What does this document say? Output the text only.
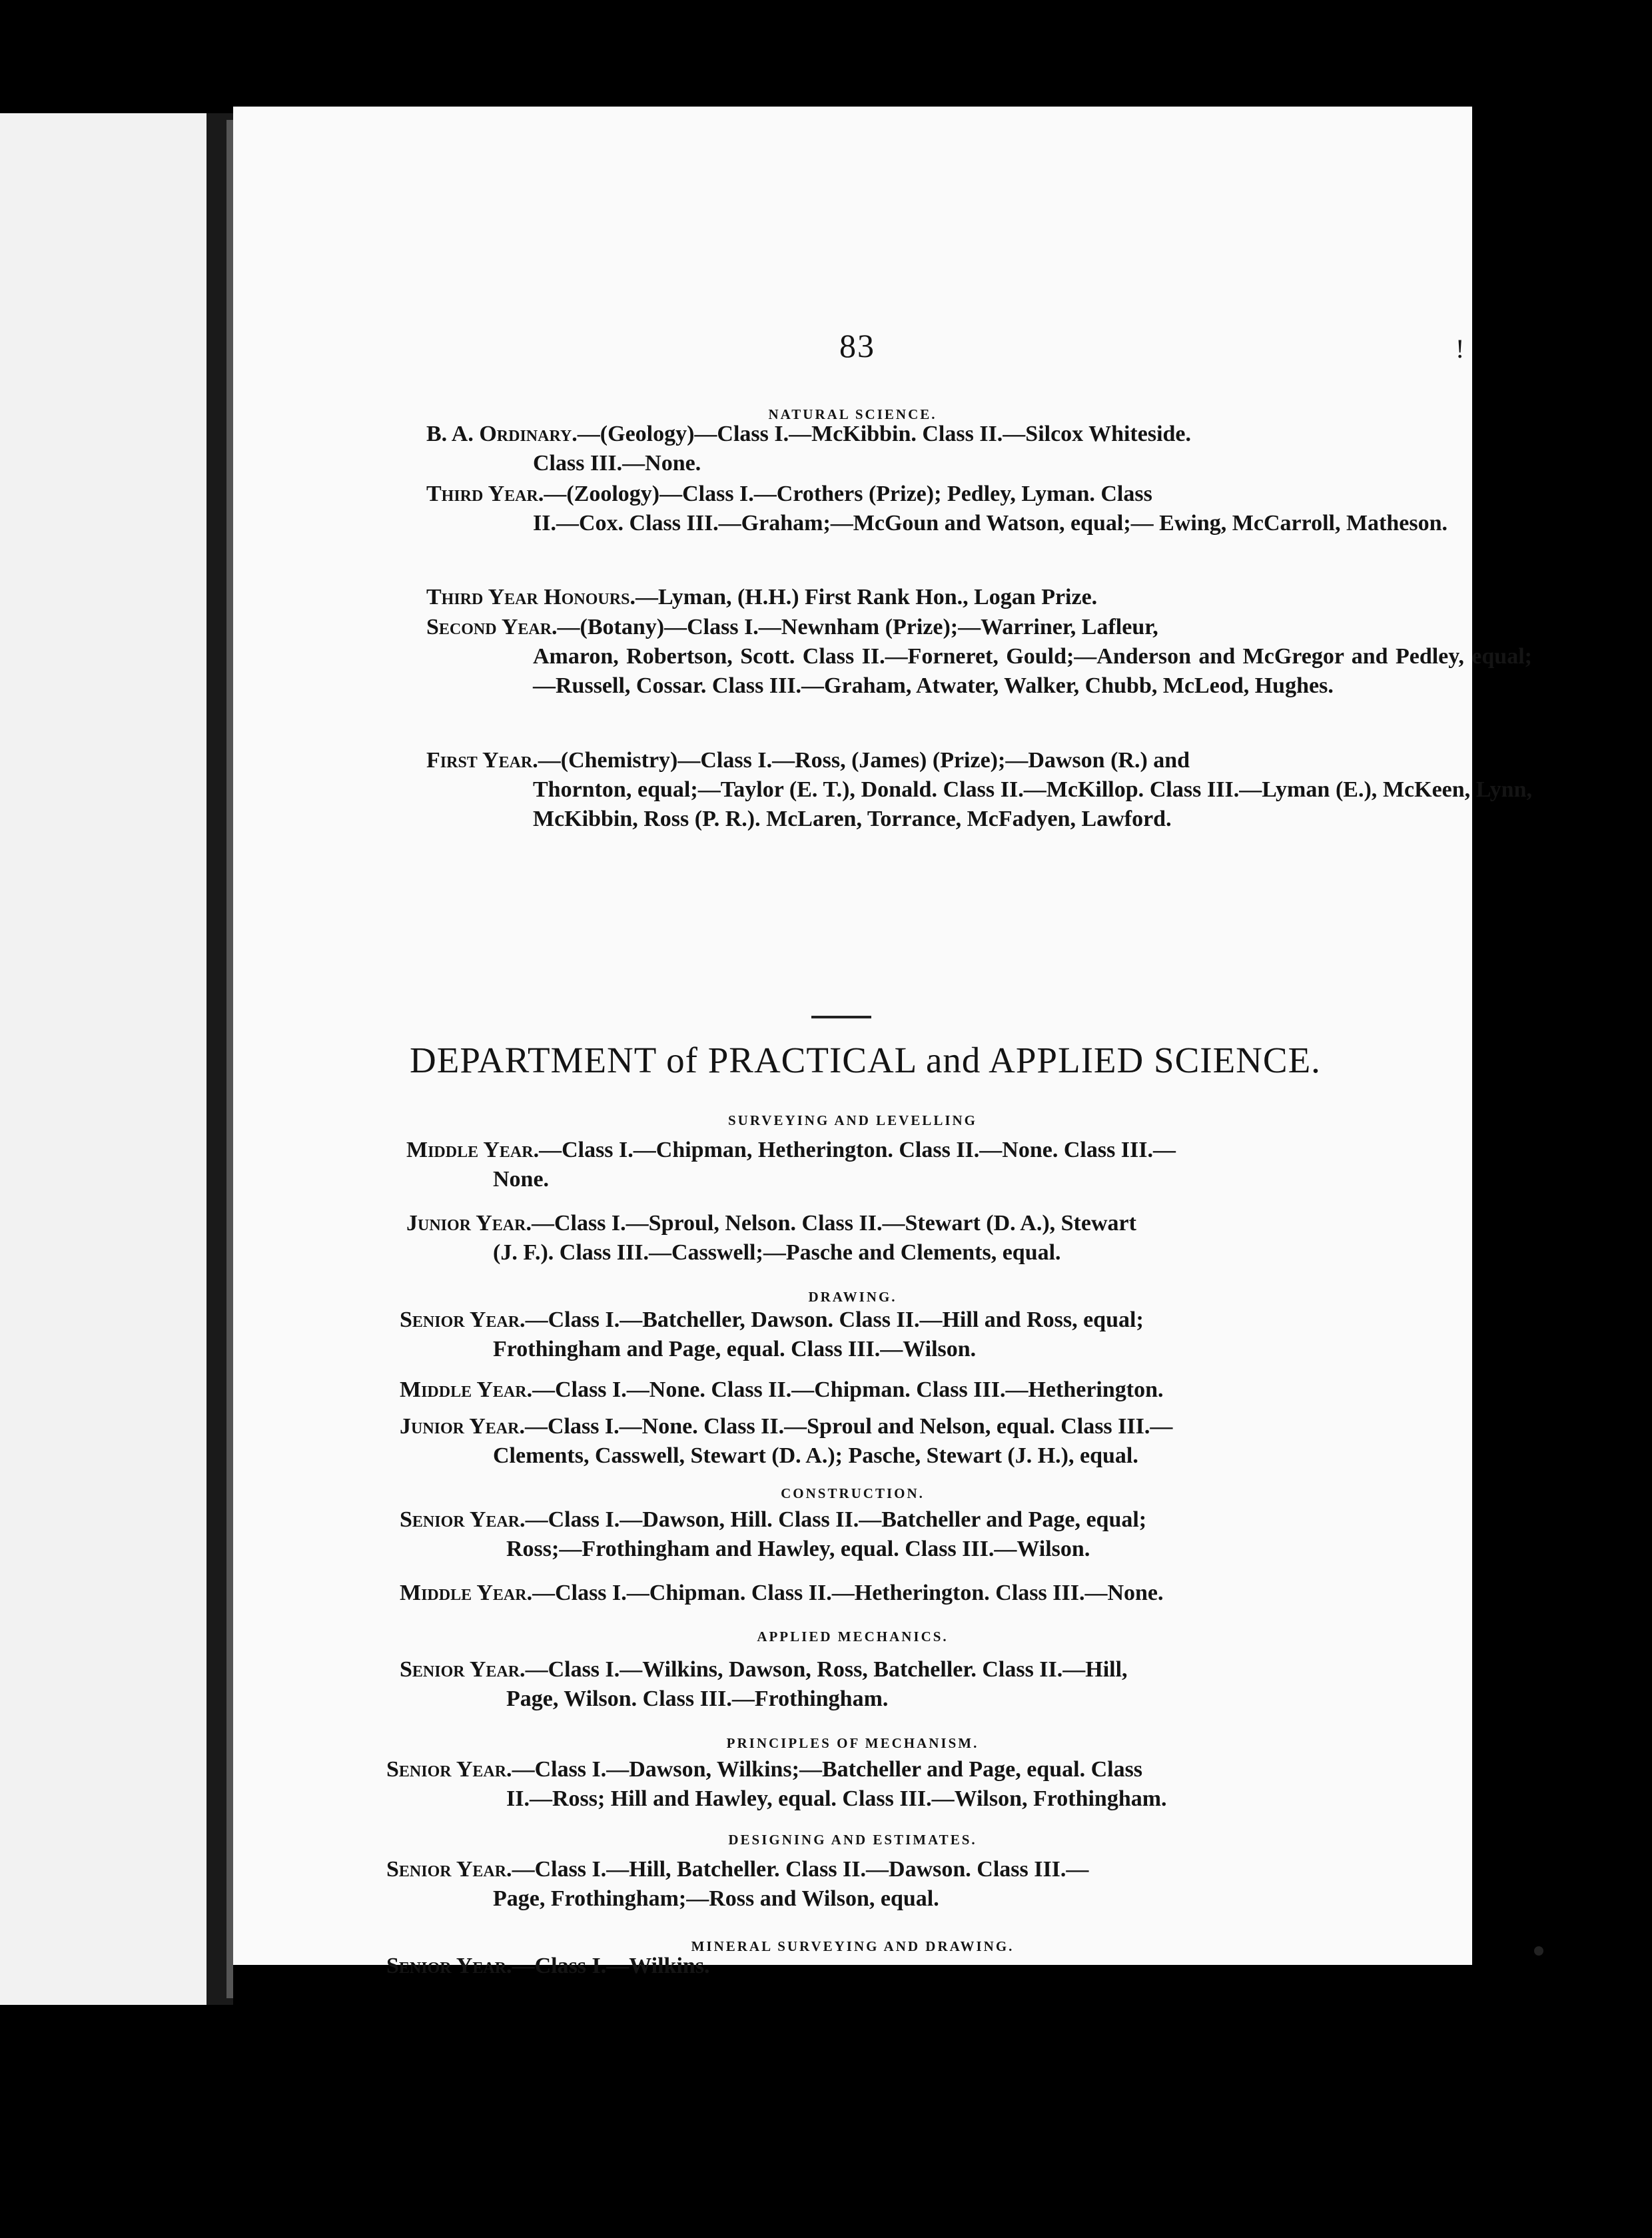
83	!
NATURAL SCIENCE.
B. A. Ordinary.—(Geology)—Class I.—McKibbin. Class II.—Silcox Whiteside.
Class III.—None.
Third Year.—(Zoology)—Class I.—Crothers (Prize); Pedley, Lyman. Class
II.—Cox. Class III.—Graham;—McGoun and Watson, equal;— Ewing, McCarroll, Matheson.
Third Year Honours.—Lyman, (H.H.) First Rank Hon., Logan Prize.
Second Year.—(Botany)—Class I.—Newnham (Prize);—Warriner, Lafleur,
Amaron, Robertson, Scott. Class II.—Forneret, Gould;—Anderson and McGregor and Pedley, equal;—Russell, Cossar. Class III.—Graham, Atwater, Walker, Chubb, McLeod, Hughes.
First Year.—(Chemistry)—Class I.—Ross, (James) (Prize);—Dawson (R.) and
Thornton, equal;—Taylor (E. T.), Donald. Class II.—McKillop. Class III.—Lyman (E.), McKeen, Lynn, McKibbin, Ross (P. R.). McLaren, Torrance, McFadyen, Lawford.
DEPARTMENT of PRACTICAL and APPLIED SCIENCE.
SURVEYING AND LEVELLING
Middle Year.—Class I.—Chipman, Hetherington. Class II.—None. Class III.—
None.
Junior Year.—Class I.—Sproul, Nelson. Class II.—Stewart (D. A.), Stewart
(J. F.). Class III.—Casswell;—Pasche and Clements, equal.
DRAWING.
Senior Year.—Class I.—Batcheller, Dawson. Class II.—Hill and Ross, equal;
Frothingham and Page, equal. Class III.—Wilson.
Middle Year.—Class I.—None. Class II.—Chipman. Class III.—Hetherington.
Junior Year.—Class I.—None. Class II.—Sproul and Nelson, equal. Class III.—
Clements, Casswell, Stewart (D. A.); Pasche, Stewart (J. H.), equal.
CONSTRUCTION.
Senior Year.—Class I.—Dawson, Hill. Class II.—Batcheller and Page, equal;
Ross;—Frothingham and Hawley, equal. Class III.—Wilson.
Middle Year.—Class I.—Chipman. Class II.—Hetherington. Class III.—None.
APPLIED MECHANICS.
Senior Year.—Class I.—Wilkins, Dawson, Ross, Batcheller. Class II.—Hill,
Page, Wilson. Class III.—Frothingham.
PRINCIPLES OF MECHANISM.
Senior Year.—Class I.—Dawson, Wilkins;—Batcheller and Page, equal. Class
II.—Ross; Hill and Hawley, equal. Class III.—Wilson, Frothingham.
DESIGNING AND ESTIMATES.
Senior Year.—Class I.—Hill, Batcheller. Class II.—Dawson. Class III.—
Page, Frothingham;—Ross and Wilson, equal.
MINERAL SURVEYING AND DRAWING.
Senior Year.—Class I.—Wilkins.
